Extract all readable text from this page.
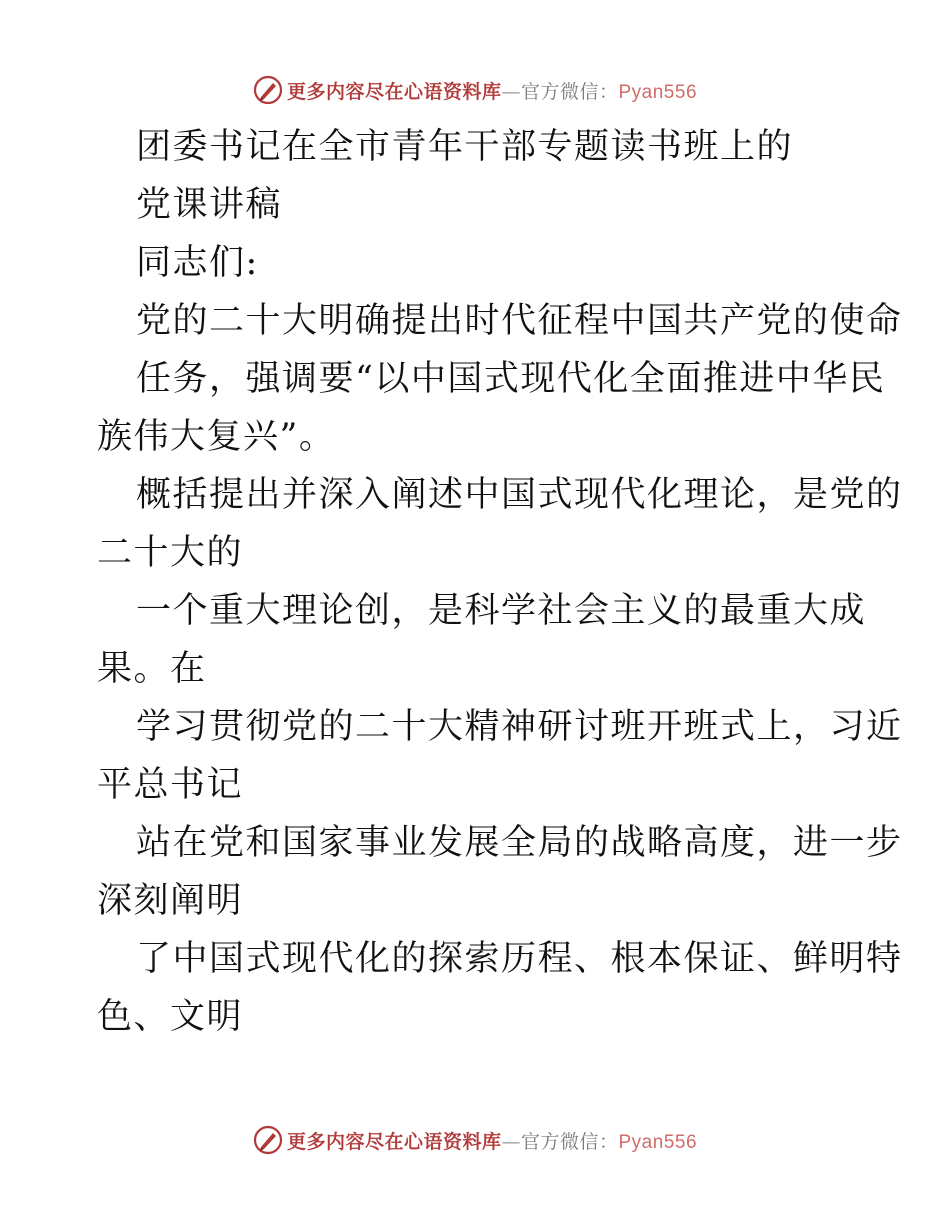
更多内容尽在心语资料库—官方微信：Pyan556
团委书记在全市青年干部专题读书班上的
党课讲稿
同志们:
党的二十大明确提出时代征程中国共产党的使命
任务，强调要“以中国式现代化全面推进中华民
族伟大复兴”。
概括提出并深入阐述中国式现代化理论，是党的
二十大的
一个重大理论创，是科学社会主义的最重大成
果。在
学习贯彻党的二十大精神研讨班开班式上，习近
平总书记
站在党和国家事业发展全局的战略高度，进一步
深刻阐明
了中国式现代化的探索历程、根本保证、鲜明特
色、文明
更多内容尽在心语资料库—官方微信：Pyan556
